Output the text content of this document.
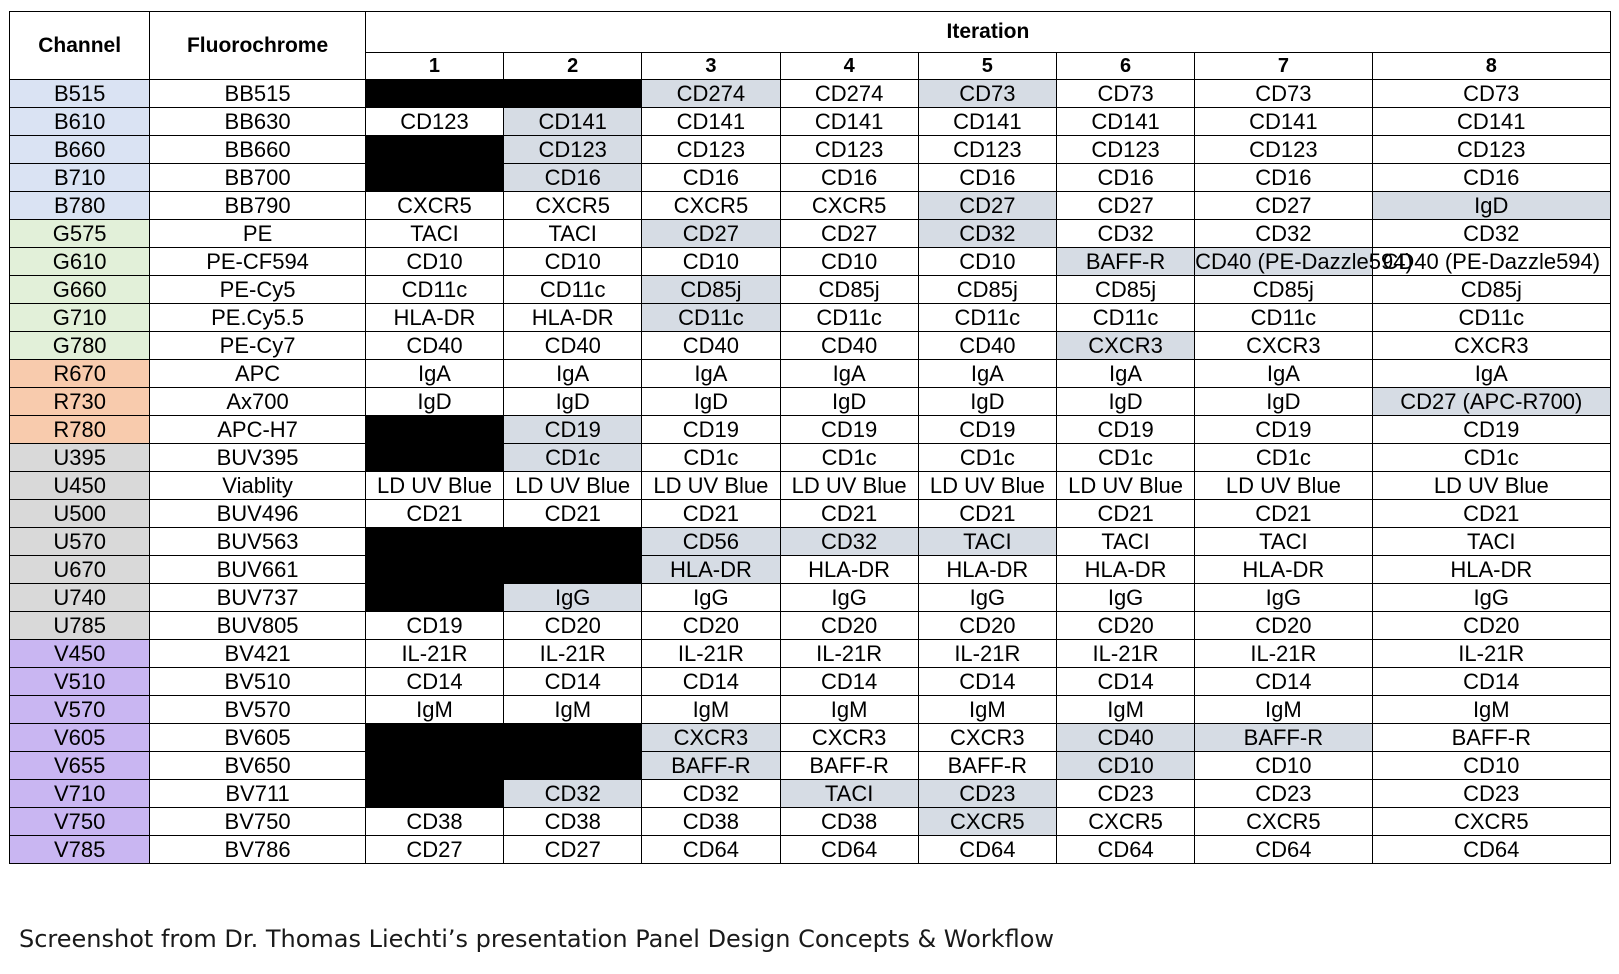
Channel	Fluorochrome	Iteration							
		1	2	3	4	5	6	7	8
B515	BB515			CD274	CD274	CD73	CD73	CD73	CD73
B610	BB630	CD123	CD141	CD141	CD141	CD141	CD141	CD141	CD141
B660	BB660		CD123	CD123	CD123	CD123	CD123	CD123	CD123
B710	BB700		CD16	CD16	CD16	CD16	CD16	CD16	CD16
B780	BB790	CXCR5	CXCR5	CXCR5	CXCR5	CD27	CD27	CD27	IgD
G575	PE	TACI	TACI	CD27	CD27	CD32	CD32	CD32	CD32
G610	PE-CF594	CD10	CD10	CD10	CD10	CD10	BAFF-R	CD40 (PE-Dazzle594)	CD40 (PE-Dazzle594)
G660	PE-Cy5	CD11c	CD11c	CD85j	CD85j	CD85j	CD85j	CD85j	CD85j
G710	PE.Cy5.5	HLA-DR	HLA-DR	CD11c	CD11c	CD11c	CD11c	CD11c	CD11c
G780	PE-Cy7	CD40	CD40	CD40	CD40	CD40	CXCR3	CXCR3	CXCR3
R670	APC	IgA	IgA	IgA	IgA	IgA	IgA	IgA	IgA
R730	Ax700	IgD	IgD	IgD	IgD	IgD	IgD	IgD	CD27 (APC-R700)
R780	APC-H7		CD19	CD19	CD19	CD19	CD19	CD19	CD19
U395	BUV395		CD1c	CD1c	CD1c	CD1c	CD1c	CD1c	CD1c
U450	Viablity	LD UV Blue	LD UV Blue	LD UV Blue	LD UV Blue	LD UV Blue	LD UV Blue	LD UV Blue	LD UV Blue
U500	BUV496	CD21	CD21	CD21	CD21	CD21	CD21	CD21	CD21
U570	BUV563			CD56	CD32	TACI	TACI	TACI	TACI
U670	BUV661			HLA-DR	HLA-DR	HLA-DR	HLA-DR	HLA-DR	HLA-DR
U740	BUV737		IgG	IgG	IgG	IgG	IgG	IgG	IgG
U785	BUV805	CD19	CD20	CD20	CD20	CD20	CD20	CD20	CD20
V450	BV421	IL-21R	IL-21R	IL-21R	IL-21R	IL-21R	IL-21R	IL-21R	IL-21R
V510	BV510	CD14	CD14	CD14	CD14	CD14	CD14	CD14	CD14
V570	BV570	IgM	IgM	IgM	IgM	IgM	IgM	IgM	IgM
V605	BV605			CXCR3	CXCR3	CXCR3	CD40	BAFF-R	BAFF-R
V655	BV650			BAFF-R	BAFF-R	BAFF-R	CD10	CD10	CD10
V710	BV711		CD32	CD32	TACI	CD23	CD23	CD23	CD23
V750	BV750	CD38	CD38	CD38	CD38	CXCR5	CXCR5	CXCR5	CXCR5
V785	BV786	CD27	CD27	CD64	CD64	CD64	CD64	CD64	CD64
Screenshot from Dr. Thomas Liechti’s presentation Panel Design Concepts & Workflow
